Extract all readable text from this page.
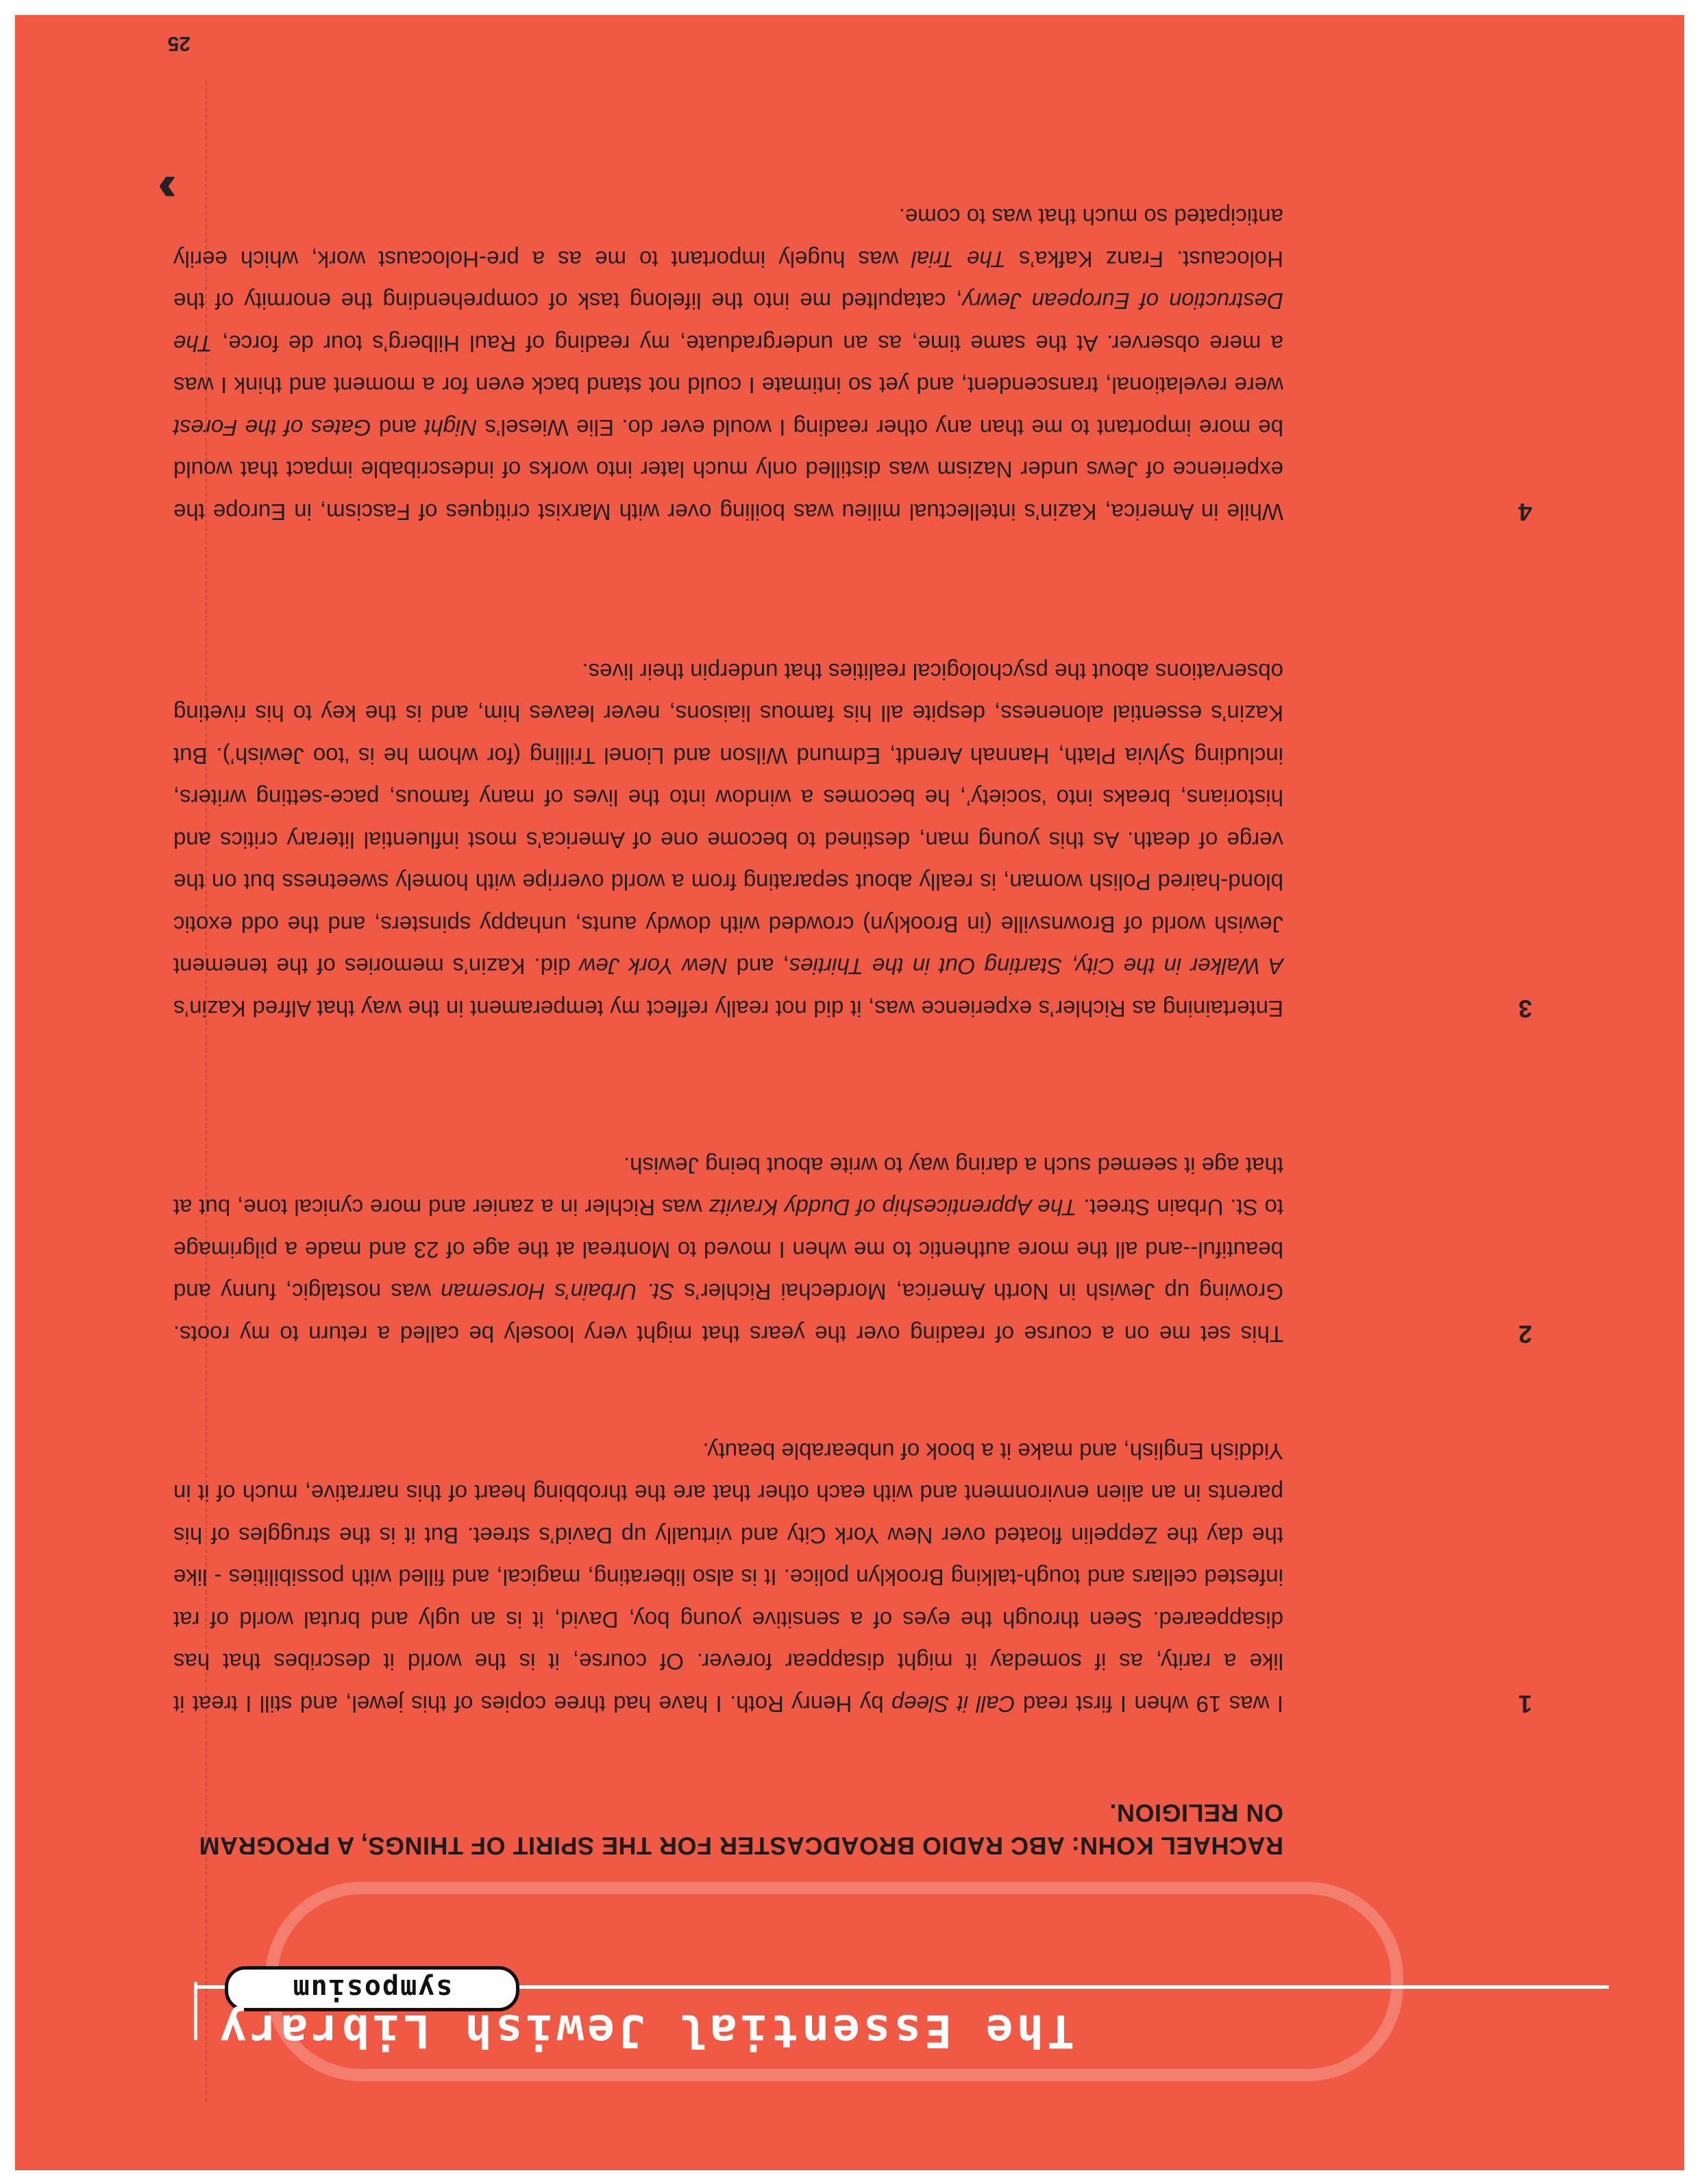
25
symposium
The Essential Jewish Library
RACHAEL KOHN: ABC RADIO BROADCASTER FOR THE SPIRIT OF THINGS, A PROGRAM ON RELIGION.
1
I was 19 when I first read Call it Sleep by Henry Roth. I have had three copies of this jewel, and still I treat it like a rarity, as if someday it might disappear forever. Of course, it is the world it describes that has disappeared. Seen through the eyes of a sensitive young boy, David, it is an ugly and brutal world of rat infested cellars and tough-talking Brooklyn police. It is also liberating, magical, and filled with possibilities - like the day the Zeppelin floated over New York City and virtually up David’s street. But it is the struggles of his parents in an alien environment and with each other that are the throbbing heart of this narrative, much of it in Yiddish English, and make it a book of unbearable beauty.
2
This set me on a course of reading over the years that might very loosely be called a return to my roots. Growing up Jewish in North America, Mordechai Richler’s St. Urbain’s Horseman was nostalgic, funny and beautiful--and all the more authentic to me when I moved to Montreal at the age of 23 and made a pilgrimage to St. Urbain Street. The Apprenticeship of Duddy Kravitz was Richler in a zanier and more cynical tone, but at that age it seemed such a daring way to write about being Jewish.
3
Entertaining as Richler’s experience was, it did not really reflect my temperament in the way that Alfred Kazin’s A Walker in the City, Starting Out in the Thirties, and New York Jew did. Kazin’s memories of the tenement Jewish world of Brownsville (in Brooklyn) crowded with dowdy aunts, unhappy spinsters, and the odd exotic blond-haired Polish woman, is really about separating from a world overripe with homely sweetness but on the verge of death. As this young man, destined to become one of America’s most influential literary critics and historians, breaks into ‘society’, he becomes a window into the lives of many famous, pace-setting writers, including Sylvia Plath, Hannah Arendt, Edmund Wilson and Lionel Trilling (for whom he is ‘too Jewish’). But Kazin’s essential aloneness, despite all his famous liaisons, never leaves him, and is the key to his riveting observations about the psychological realities that underpin their lives.
4
While in America, Kazin’s intellectual milieu was boiling over with Marxist critiques of Fascism, in Europe the experience of Jews under Nazism was distilled only much later into works of indescribable impact that would be more important to me than any other reading I would ever do. Elie Wiesel’s Night and Gates of the Forest were revelational, transcendent, and yet so intimate I could not stand back even for a moment and think I was a mere observer. At the same time, as an undergraduate, my reading of Raul Hilberg’s tour de force, The Destruction of European Jewry, catapulted me into the lifelong task of comprehending the enormity of the Holocaust. Franz Kafka’s The Trial was hugely important to me as a pre-Holocaust work, which eerily anticipated so much that was to come.
››
